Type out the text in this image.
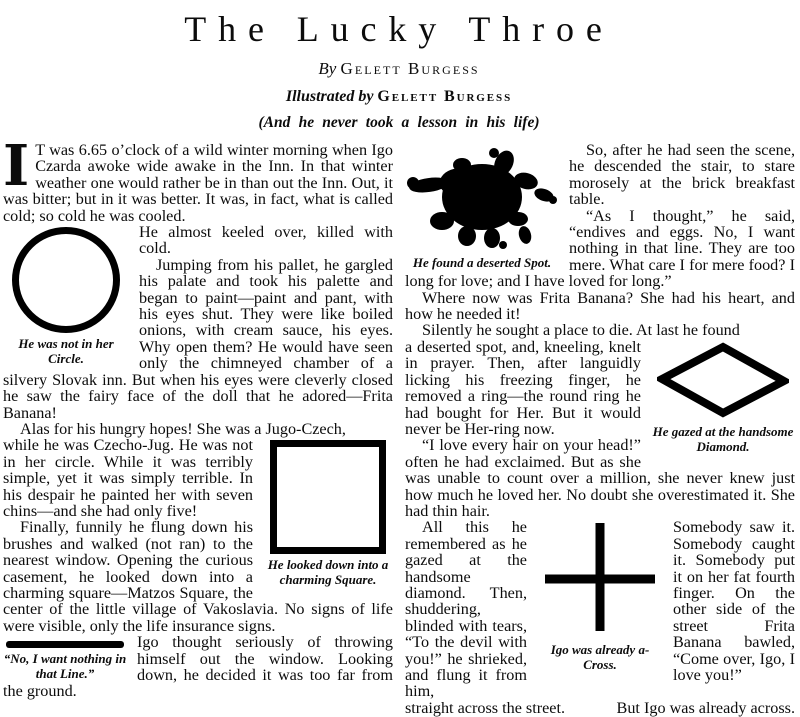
The Lucky Throe
By Gelett Burgess
Illustrated by Gelett Burgess
(And he never took a lesson in his life)

I T was 6.65 o’clock of a wild winter morning when Igo Czarda awoke wide awake in the Inn. In that winter weather one would rather be in than out the Inn. Out, it was bitter; but in it was better. It was, in fact, what is called cold; so cold he was cooled.

He was not in her Circle.

He almost keeled over, killed with cold.

Jumping from his pallet, he gargled his palate and took his palette and began to paint—paint and pant, with his eyes shut. They were like boiled onions, with cream sauce, his eyes. Why open them? He would have seen only the chimneyed chamber of a silvery Slovak inn. But when his eyes were cleverly closed he saw the fairy face of the doll that he adored—Frita Banana!

Alas for his hungry hopes! She was a Jugo-Czech,

He looked down into a charming Square.
while he was Czecho-Jug. He was not in her circle. While it was terribly simple, yet it was simply terrible. In his despair he painted her with seven chins—and she had only five!

Finally, funnily he flung down his brushes and walked (not ran) to the nearest window. Opening the curious casement, he looked down into a charming square—Matzos Square, the center of the little village of Vakoslavia. No signs of life were visible, only the life insurance signs.

“No, I want nothing in that Line.”
Igo thought seriously of throwing himself out the window. Looking down, he decided it was too far from the ground.

He found a deserted Spot.

So, after he had seen the scene, he descended the stair, to stare morosely at the brick breakfast table.

“As I thought,” he said, “endives and eggs. No, I want nothing in that line. They are too mere. What care I for mere food? I long for love; and I have loved for long.”

Where now was Frita Banana? She had his heart, and how he needed it!

Silently he sought a place to die. At last he found

He gazed at the handsome Diamond.
a deserted spot, and, kneeling, knelt in prayer. Then, after languidly licking his freezing finger, he removed a ring—the round ring he had bought for Her. But it would never be Her-ring now.

“I love every hair on your head!” often he had exclaimed. But as she was unable to count over a million, she never knew just how much he loved her. No doubt she overestimated it. She had thin hair.

All this he remembered as he gazed at the handsome diamond. Then, shuddering, blinded with tears, “To the devil with you!” he shrieked, and flung it from him,

Igo was already a-Cross.

Somebody saw it. Somebody caught it. Somebody put it on her fat fourth finger. On the other side of the street Frita Banana bawled, “Come over, Igo, I love you!”

straight across the street.	But Igo was already across.
